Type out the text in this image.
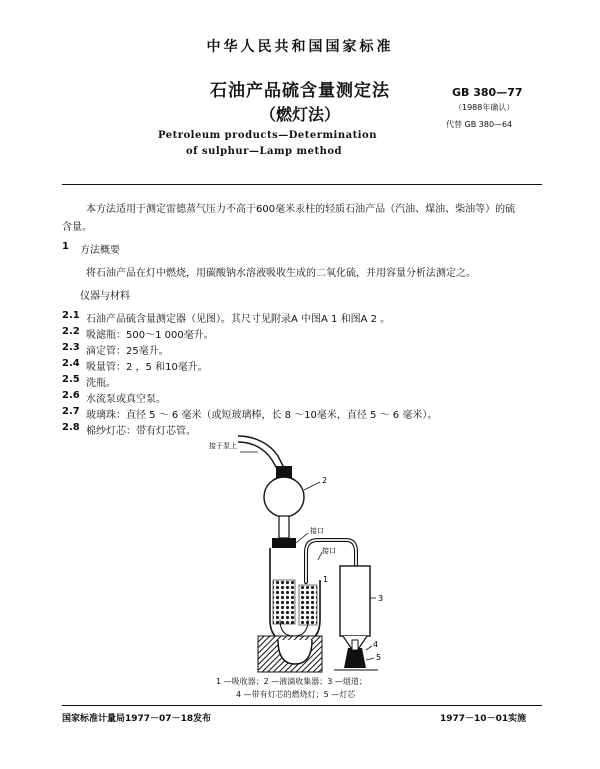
中华人民共和国国家标准
石油产品硫含量测定法
（燃灯法）
GB 380—77
（1988年确认）
代替 GB 380—64
Petroleum products—Determination
of sulphur—Lamp method
本方法适用于测定雷德蒸气压力不高于600毫米汞柱的轻质石油产品（汽油、煤油、柴油等）的硫
含量。
1 方法概要
将石油产品在灯中燃烧，用碳酸钠水溶液吸收生成的二氧化硫，并用容量分析法测定之。
仪器与材料
2.1 石油产品硫含量测定器（见图）。其尺寸见附录A 中图A 1 和图A 2 。
2.2 吸滤瓶：500～1 000毫升。
2.3 滴定管：25毫升。
2.4 吸量管：2 ，5 和10毫升。
2.5 洗瓶。
2.6 水流泵或真空泵。
2.7 玻璃珠：直径 5 ～ 6 毫米（或短玻璃棒，长 8 ～10毫米，直径 5 ～ 6 毫米）。
2.8 棉纱灯芯：带有灯芯管。
接于泵上
2
接口
接口
1
3
4
5
1 —吸收器；2 —液滴收集器；3 —烟道；
4 —带有灯芯的燃烧灯；5 —灯芯
国家标准计量局1977－07－18发布	1977－10－01实施
